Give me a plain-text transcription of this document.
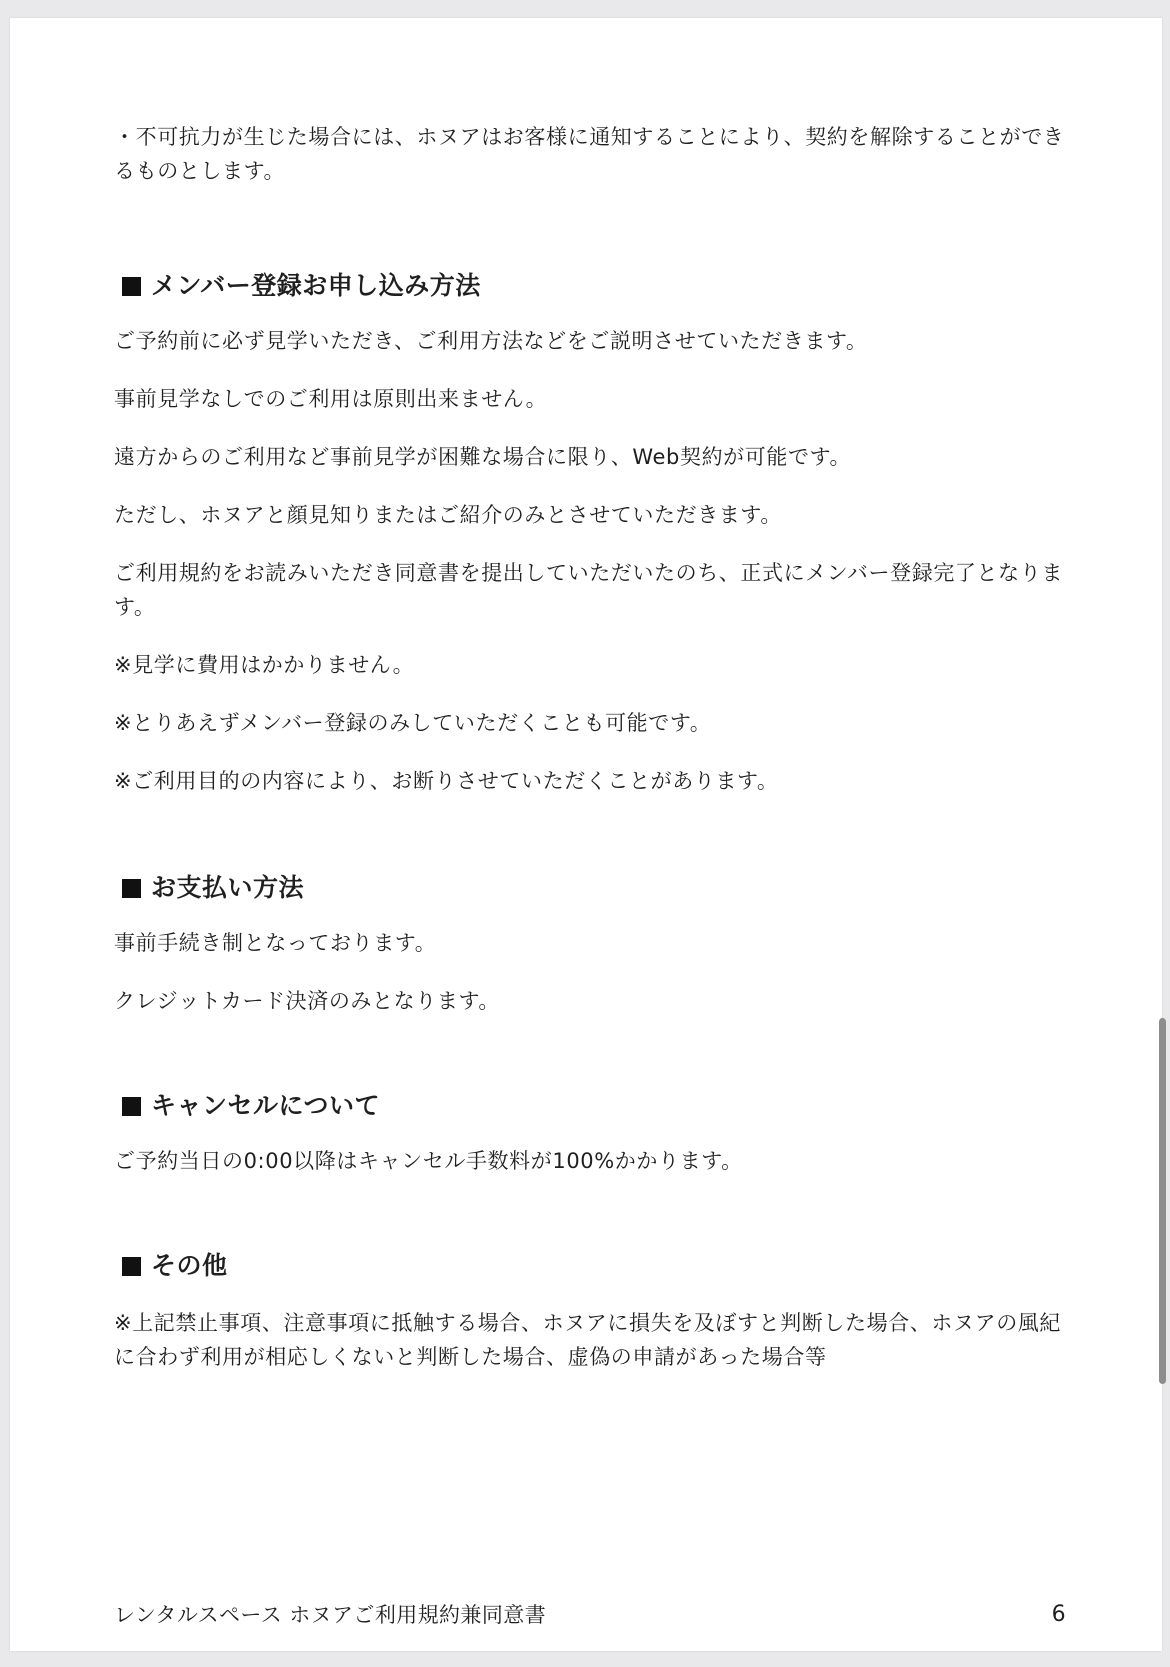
・不可抗力が生じた場合には、ホヌアはお客様に通知することにより、契約を解除することができるものとします。

メンバー登録お申し込み方法

ご予約前に必ず見学いただき、ご利用方法などをご説明させていただきます。

事前見学なしでのご利用は原則出来ません。

遠方からのご利用など事前見学が困難な場合に限り、Web契約が可能です。

ただし、ホヌアと顔見知りまたはご紹介のみとさせていただきます。

ご利用規約をお読みいただき同意書を提出していただいたのち、正式にメンバー登録完了となります。

※見学に費用はかかりません。

※とりあえずメンバー登録のみしていただくことも可能です。

※ご利用目的の内容により、お断りさせていただくことがあります。

お支払い方法

事前手続き制となっております。

クレジットカード決済のみとなります。

キャンセルについて

ご予約当日の0:00以降はキャンセル手数料が100%かかります。

その他

※上記禁止事項、注意事項に抵触する場合、ホヌアに損失を及ぼすと判断した場合、ホヌアの風紀に合わず利用が相応しくないと判断した場合、虚偽の申請があった場合等

レンタルスペース ホヌアご利用規約兼同意書	6
